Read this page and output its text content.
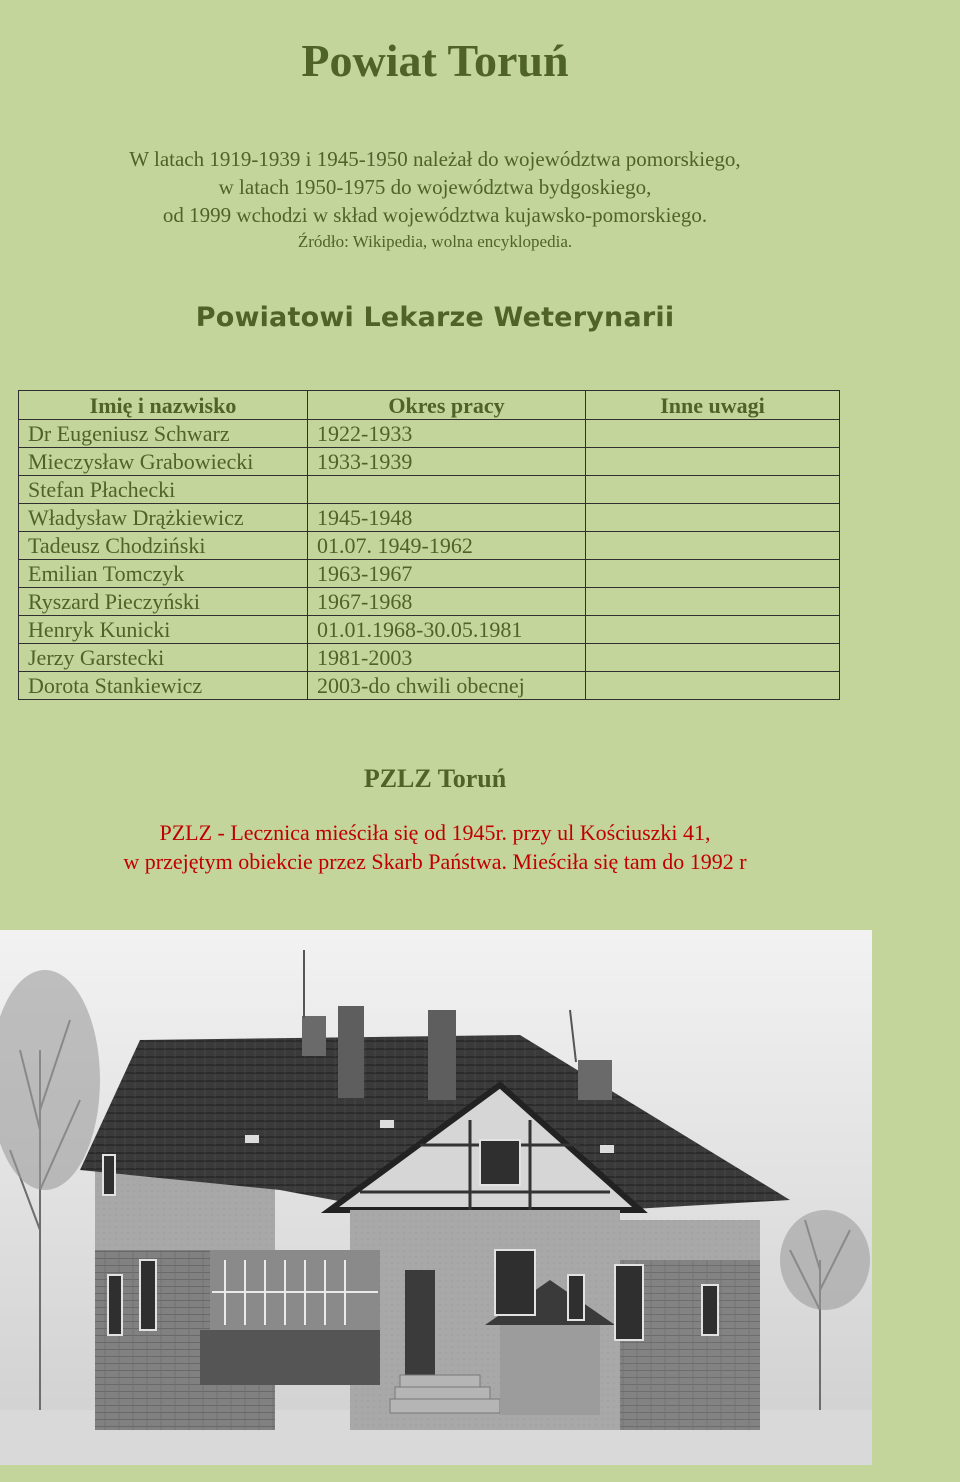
Powiat Toruń
W latach 1919-1939 i 1945-1950 należał do województwa pomorskiego,
w latach 1950-1975 do województwa bydgoskiego,
od 1999 wchodzi w skład województwa kujawsko-pomorskiego.
Źródło: Wikipedia, wolna encyklopedia.
Powiatowi Lekarze Weterynarii
Imię i nazwisko	Okres pracy	Inne uwagi
Dr Eugeniusz Schwarz	1922-1933	
Mieczysław Grabowiecki	1933-1939	
Stefan Płachecki		
Władysław Drążkiewicz	1945-1948	
Tadeusz Chodziński	01.07. 1949-1962	
Emilian Tomczyk	1963-1967	
Ryszard Pieczyński	1967-1968	
Henryk Kunicki	01.01.1968-30.05.1981	
Jerzy Garstecki	1981-2003	
Dorota Stankiewicz	2003-do chwili obecnej	
PZLZ Toruń
PZLZ - Lecznica mieściła się od 1945r. przy ul Kościuszki 41,
w przejętym obiekcie przez Skarb Państwa. Mieściła się tam do 1992 r
